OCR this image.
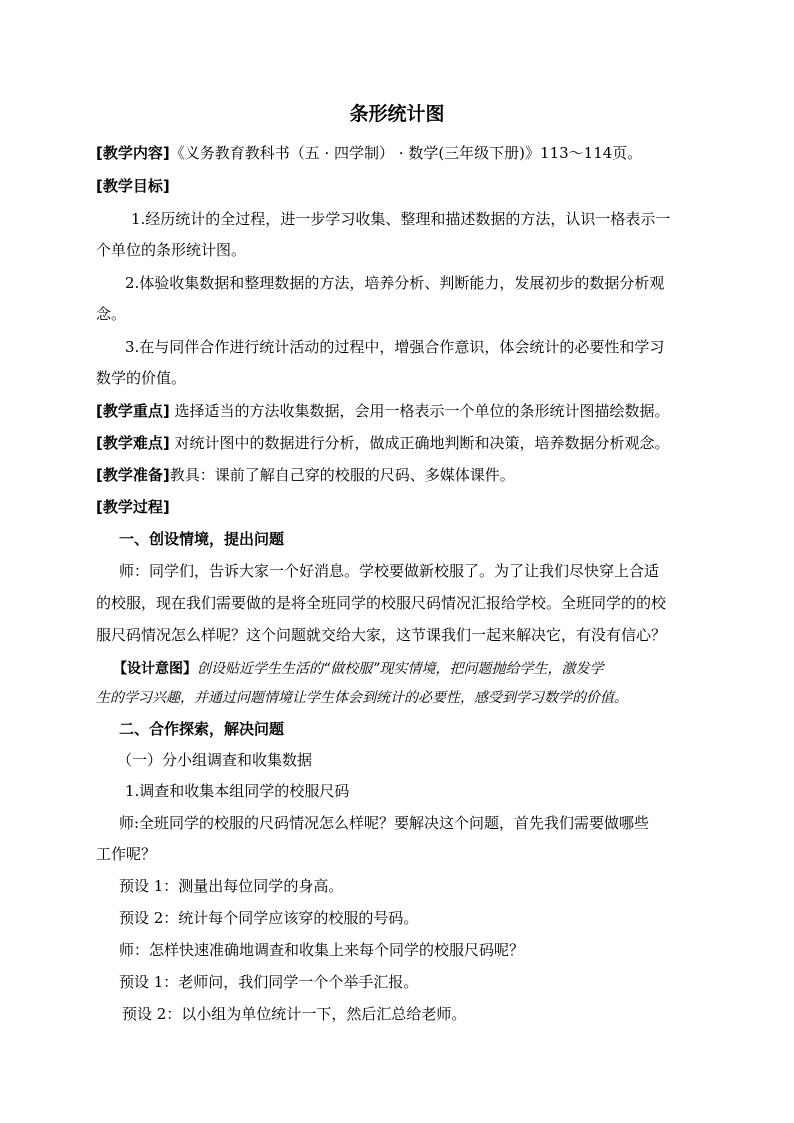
条形统计图
[教学内容]《义务教育教科书（五 · 四学制） · 数学(三年级下册)》113～114页。
[教学目标]
1.经历统计的全过程，进一步学习收集、整理和描述数据的方法，认识一格表示一
个单位的条形统计图。
2.体验收集数据和整理数据的方法，培养分析、判断能力，发展初步的数据分析观
念。
3.在与同伴合作进行统计活动的过程中，增强合作意识，体会统计的必要性和学习
数学的价值。
[教学重点] 选择适当的方法收集数据，会用一格表示一个单位的条形统计图描绘数据。
[教学难点] 对统计图中的数据进行分析，做成正确地判断和决策，培养数据分析观念。
[教学准备]教具：课前了解自己穿的校服的尺码、多媒体课件。
[教学过程]
一、创设情境，提出问题
师：同学们，告诉大家一个好消息。学校要做新校服了。为了让我们尽快穿上合适
的校服，现在我们需要做的是将全班同学的校服尺码情况汇报给学校。全班同学的的校
服尺码情况怎么样呢？这个问题就交给大家，这节课我们一起来解决它，有没有信心？
【设计意图】创设贴近学生生活的“做校服”现实情境，把问题抛给学生，激发学
生的学习兴趣，并通过问题情境让学生体会到统计的必要性，感受到学习数学的价值。
二、合作探索，解决问题
（一）分小组调查和收集数据
1.调查和收集本组同学的校服尺码
师:全班同学的校服的尺码情况怎么样呢？要解决这个问题，首先我们需要做哪些
工作呢？
预设 1：测量出每位同学的身高。
预设 2：统计每个同学应该穿的校服的号码。
师：怎样快速准确地调查和收集上来每个同学的校服尺码呢？
预设 1：老师问，我们同学一个个举手汇报。
预设 2：以小组为单位统计一下，然后汇总给老师。
